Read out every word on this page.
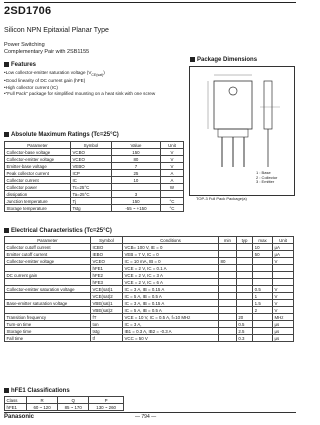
2SD1706
Silicon NPN Epitaxial Planar Type
Power Switching
Complementary Pair with 2SB1155
Features
• Low collector-emitter saturation voltage $(V_{CE(sat)})$
• Good linearity of DC current gain (hFE)
• High collector current (IC)
• "Full Pack" package for simplified mounting on a heat sink with one screw
Package Dimensions
1 : Base
2 : Collector
3 : Emitter
TOP-3 Full Pack Package(a)
Absolute Maximum Ratings (Tc=25°C)
Parameter	Symbol	Value	Unit
Collector-base voltage	VCBO	150	V
Collector-emitter voltage	VCEO	80	V
Emitter-base voltage	VEBO	7	V
Peak collector current	ICP	25	A
Collector current	IC	10	A
Collector power	Tc=25°C		W
dissipation	Ta=25°C	3	
Junction temperature	Tj	150	°C
Storage temperature	Tstg	-55 ~ +150	°C
Electrical Characteristics (Tc=25°C)
Parameter	Symbol	Conditions	min	typ	max	Unit
Collector cutoff current	ICBO	VCB= 100 V, IE = 0			10	μA
Emitter cutoff current	IEBO	VEB = 7 V, IC = 0			50	μA
Collector-emitter voltage	VCEO	IC = 10 mA, IB = 0	80			V
	hFE1	VCE = 2 V, IC = 0.1 A				
DC current gain	hFE2	VCE = 2 V, IC = 3 A				
	hFE3	VCE = 2 V, IC = 6 A				
Collector-emitter saturation voltage	VCE(sat)1	IC = 3 A, IB = 0.15 A			0.5	V
	VCE(sat)2	IC = 5 A, IB = 0.5 A			1	V
Base-emitter saturation voltage	VBE(sat)1	IC = 3 A, IB = 0.15 A			1.5	V
	VBE(sat)2	IC = 5 A, IB = 0.5 A			2	V
Transition frequency	fT	VCE = 10 V, IC = 0.5 A, f=10 MHz		20		MHz
Turn-on time	ton	IC = 3 A,		0.5		μs
Storage time	tstg	IB1 = 0.3 A, IB2 = -0.3 A		2.5		μs
Fall time	tf	VCC = 50 V		0.3		μs
hFE1 Classifications
Class	R	Q	P
hFE1	60 ~ 120	85 ~ 170	130 ~ 260
Panasonic	— 794 —
